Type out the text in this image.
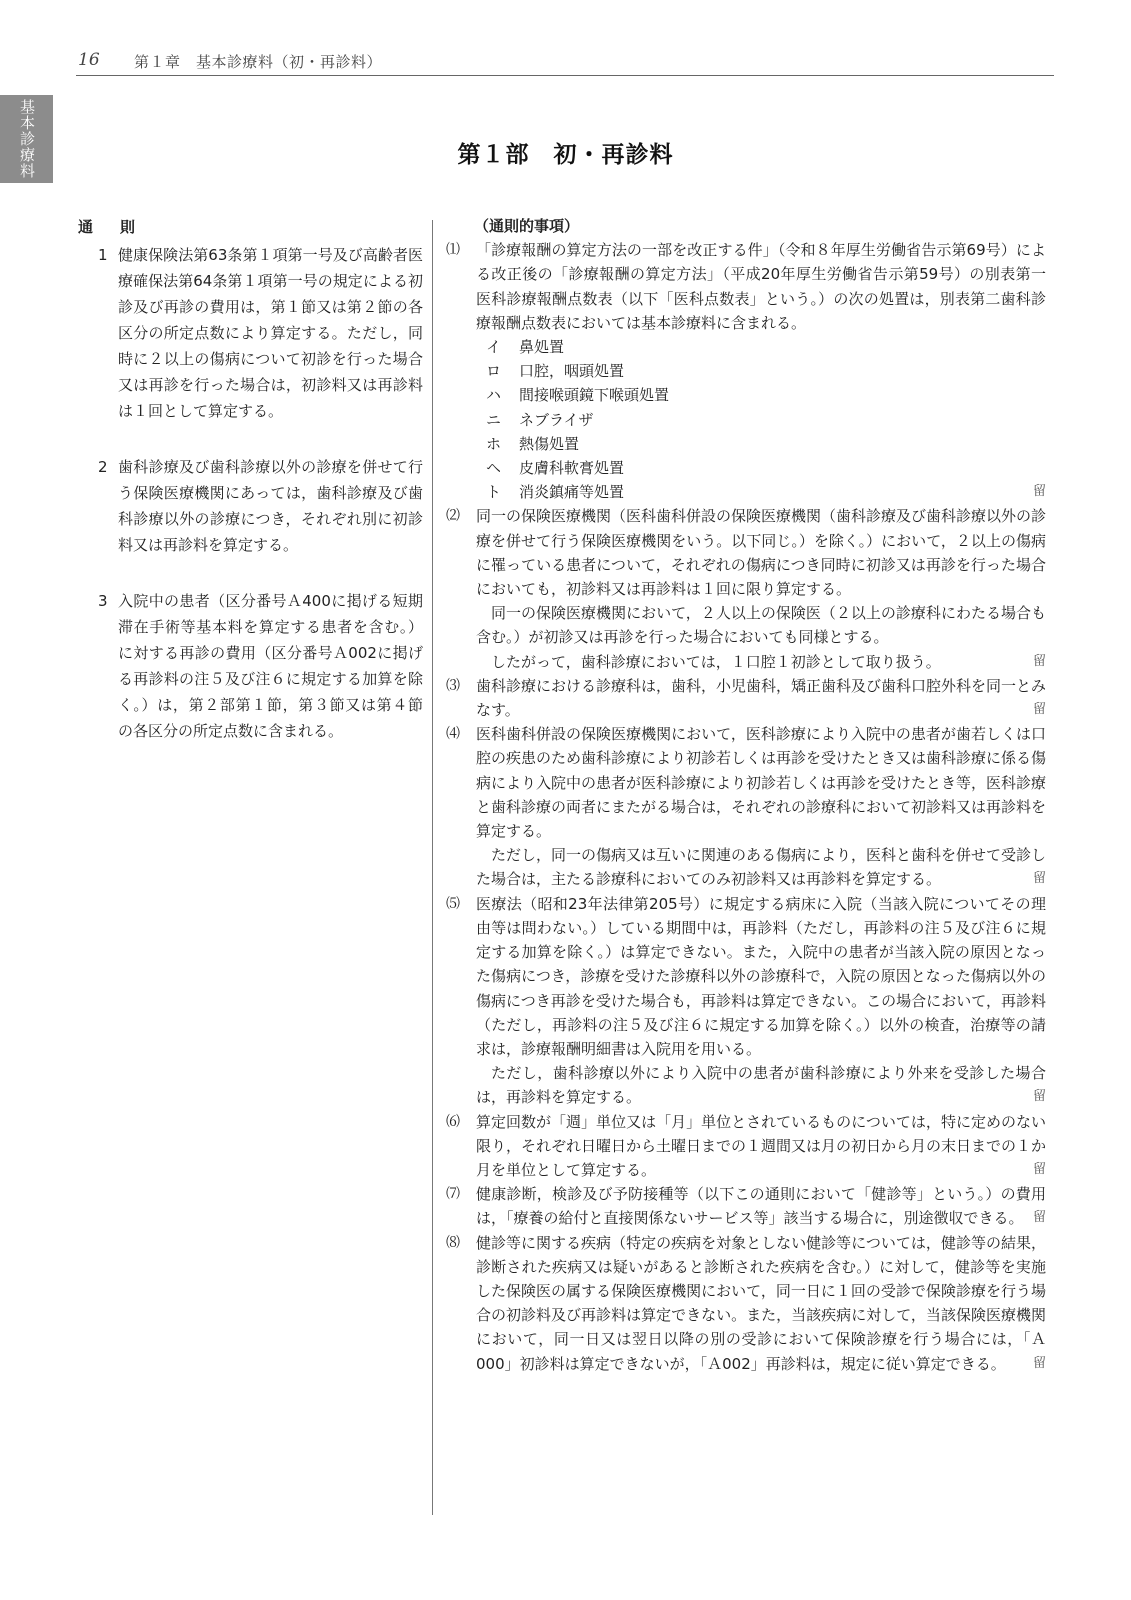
16 第１章　基本診療料（初・再診料）
基本診療料	第１部　初・再診料
通　則
1 健康保険法第63条第１項第一号及び高齢者医療確保法第64条第１項第一号の規定による初診及び再診の費用は，第１節又は第２節の各区分の所定点数により算定する。ただし，同時に２以上の傷病について初診を行った場合又は再診を行った場合は，初診料又は再診料は１回として算定する。
2 歯科診療及び歯科診療以外の診療を併せて行う保険医療機関にあっては，歯科診療及び歯科診療以外の診療につき，それぞれ別に初診料又は再診料を算定する。
3 入院中の患者（区分番号Ａ400に掲げる短期滞在手術等基本料を算定する患者を含む。）に対する再診の費用（区分番号Ａ002に掲げる再診料の注５及び注６に規定する加算を除く。）は，第２部第１節，第３節又は第４節の各区分の所定点数に含まれる。
（通則的事項）
⑴ 「診療報酬の算定方法の一部を改正する件」（令和８年厚生労働省告示第69号）による改正後の「診療報酬の算定方法」（平成20年厚生労働省告示第59号）の別表第一医科診療報酬点数表（以下「医科点数表」という。）の次の処置は，別表第二歯科診療報酬点数表においては基本診療料に含まれる。

イ 鼻処置
ロ 口腔，咽頭処置
ハ 間接喉頭鏡下喉頭処置
ニ ネブライザ
ホ 熱傷処置
ヘ 皮膚科軟膏処置
ト 消炎鎮痛等処置	留
⑵ 同一の保険医療機関（医科歯科併設の保険医療機関（歯科診療及び歯科診療以外の診療を併せて行う保険医療機関をいう。以下同じ。）を除く。）において，２以上の傷病に罹っている患者について，それぞれの傷病につき同時に初診又は再診を行った場合においても，初診料又は再診料は１回に限り算定する。

同一の保険医療機関において，２人以上の保険医（２以上の診療科にわたる場合も含む。）が初診又は再診を行った場合においても同様とする。

したがって，歯科診療においては，１口腔１初診として取り扱う。	留

⑶ 歯科診療における診療科は，歯科，小児歯科，矯正歯科及び歯科口腔外科を同一とみなす。	留

⑷ 医科歯科併設の保険医療機関において，医科診療により入院中の患者が歯若しくは口腔の疾患のため歯科診療により初診若しくは再診を受けたとき又は歯科診療に係る傷病により入院中の患者が医科診療により初診若しくは再診を受けたとき等，医科診療と歯科診療の両者にまたがる場合は，それぞれの診療科において初診料又は再診料を算定する。

ただし，同一の傷病又は互いに関連のある傷病により，医科と歯科を併せて受診した場合は，主たる診療科においてのみ初診料又は再診料を算定する。	留

⑸ 医療法（昭和23年法律第205号）に規定する病床に入院（当該入院についてその理由等は問わない。）している期間中は，再診料（ただし，再診料の注５及び注６に規定する加算を除く。）は算定できない。また，入院中の患者が当該入院の原因となった傷病につき，診療を受けた診療科以外の診療科で，入院の原因となった傷病以外の傷病につき再診を受けた場合も，再診料は算定できない。この場合において，再診料（ただし，再診料の注５及び注６に規定する加算を除く。）以外の検査，治療等の請求は，診療報酬明細書は入院用を用いる。

ただし，歯科診療以外により入院中の患者が歯科診療により外来を受診した場合は，再診料を算定する。	留

⑹ 算定回数が「週」単位又は「月」単位とされているものについては，特に定めのない限り，それぞれ日曜日から土曜日までの１週間又は月の初日から月の末日までの１か月を単位として算定する。	留

⑺ 健康診断，検診及び予防接種等（以下この通則において「健診等」という。）の費用は，「療養の給付と直接関係ないサービス等」該当する場合に，別途徴収できる。 留

⑻ 健診等に関する疾病（特定の疾病を対象としない健診等については，健診等の結果，診断された疾病又は疑いがあると診断された疾病を含む。）に対して，健診等を実施した保険医の属する保険医療機関において，同一日に１回の受診で保険診療を行う場合の初診料及び再診料は算定できない。また，当該疾病に対して，当該保険医療機関において，同一日又は翌日以降の別の受診において保険診療を行う場合には，「Ａ000」初診料は算定できないが，「Ａ002」再診料は，規定に従い算定できる。 留
